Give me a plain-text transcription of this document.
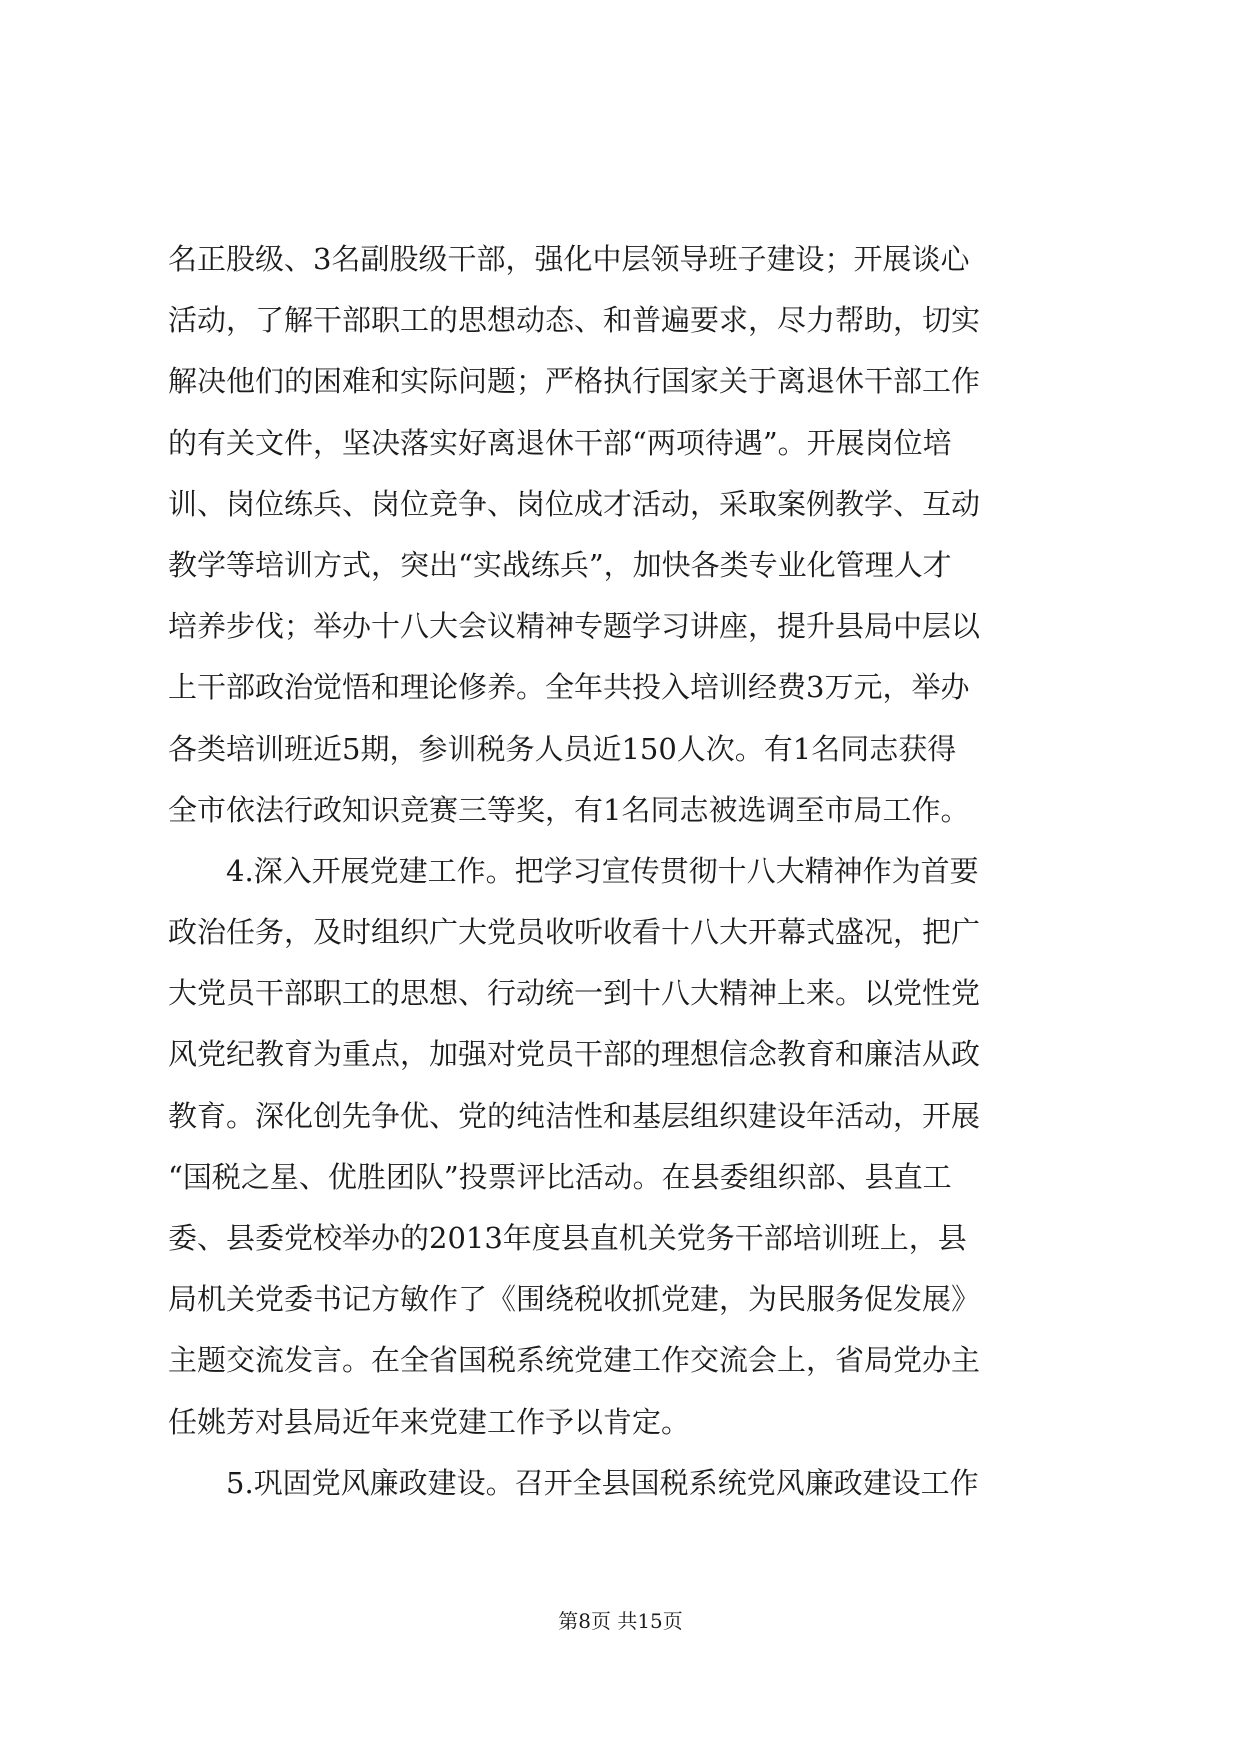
名正股级、3名副股级干部，强化中层领导班子建设；开展谈心
活动，了解干部职工的思想动态、和普遍要求，尽力帮助，切实
解决他们的困难和实际问题；严格执行国家关于离退休干部工作
的有关文件，坚决落实好离退休干部“两项待遇”。开展岗位培
训、岗位练兵、岗位竞争、岗位成才活动，采取案例教学、互动
教学等培训方式，突出“实战练兵”，加快各类专业化管理人才
培养步伐；举办十八大会议精神专题学习讲座，提升县局中层以
上干部政治觉悟和理论修养。全年共投入培训经费3万元，举办
各类培训班近5期，参训税务人员近150人次。有1名同志获得
全市依法行政知识竞赛三等奖，有1名同志被选调至市局工作。
　　4.深入开展党建工作。把学习宣传贯彻十八大精神作为首要
政治任务，及时组织广大党员收听收看十八大开幕式盛况，把广
大党员干部职工的思想、行动统一到十八大精神上来。以党性党
风党纪教育为重点，加强对党员干部的理想信念教育和廉洁从政
教育。深化创先争优、党的纯洁性和基层组织建设年活动，开展
“国税之星、优胜团队”投票评比活动。在县委组织部、县直工
委、县委党校举办的2013年度县直机关党务干部培训班上，县
局机关党委书记方敏作了《围绕税收抓党建，为民服务促发展》
主题交流发言。在全省国税系统党建工作交流会上，省局党办主
任姚芳对县局近年来党建工作予以肯定。
　　5.巩固党风廉政建设。召开全县国税系统党风廉政建设工作
第8页 共15页
